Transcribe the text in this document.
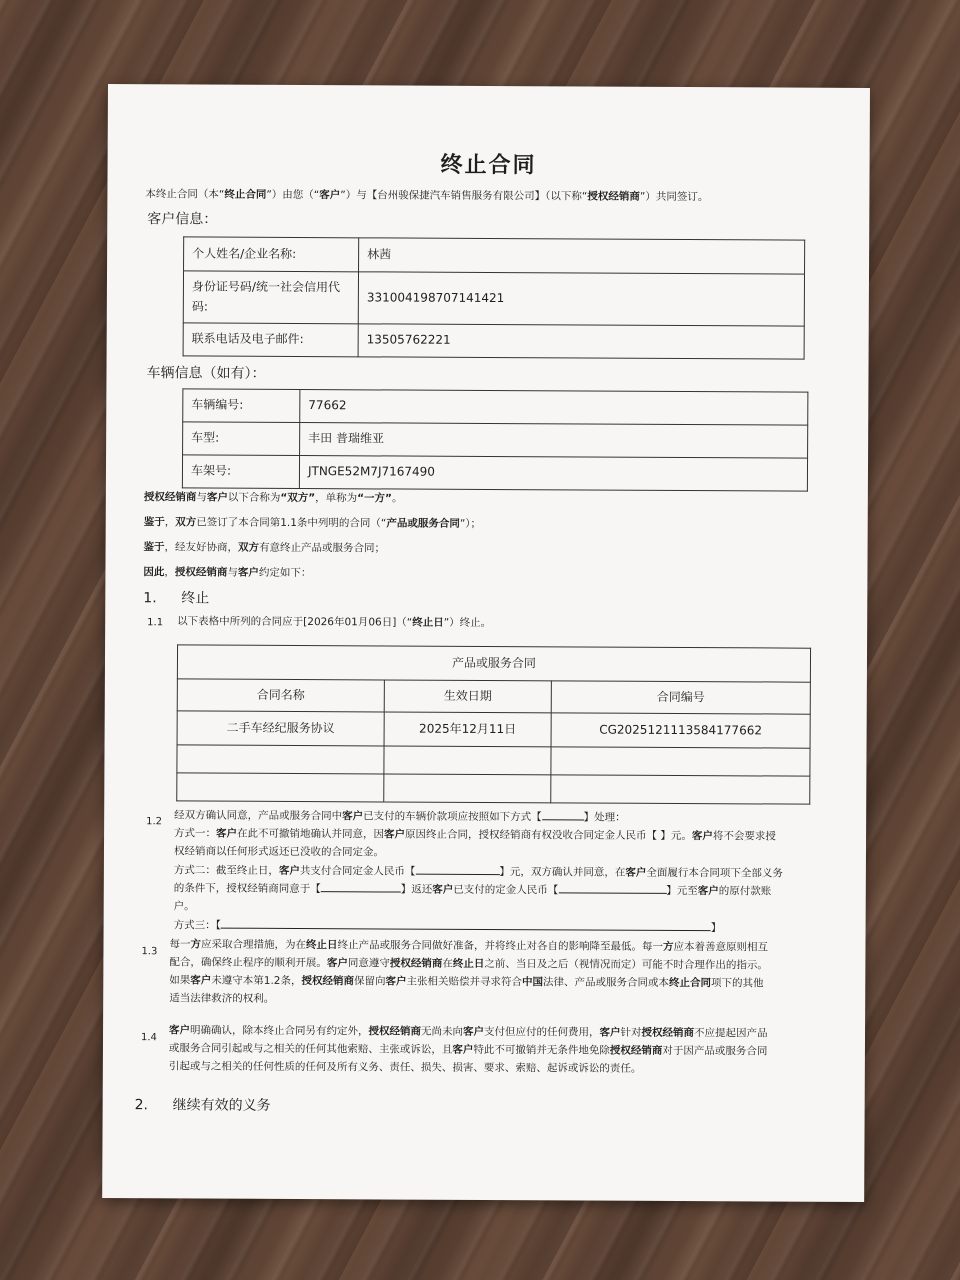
终止合同
本终止合同（本“终止合同”）由您（“客户”）与【台州骏保捷汽车销售服务有限公司】（以下称“授权经销商”）共同签订。
客户信息：
个人姓名/企业名称:	林茜
身份证号码/统一社会信用代码:	331004198707141421
联系电话及电子邮件:	13505762221
车辆信息（如有）：
车辆编号:	77662
车型:	丰田 普瑞维亚
车架号:	JTNGE52M7J7167490
授权经销商与客户以下合称为“双方”，单称为“一方”。
鉴于，双方已签订了本合同第1.1条中列明的合同（“产品或服务合同”）；
鉴于，经友好协商，双方有意终止产品或服务合同；
因此，授权经销商与客户约定如下：
1. 终止
1.1 以下表格中所列的合同应于[2026年01月06日]（“终止日”）终止。
产品或服务合同		
合同名称	生效日期	合同编号
二手车经纪服务协议	2025年12月11日	CG20251211135841776​62

1.2 经双方确认同意，产品或服务合同中客户已支付的车辆价款项应按照如下方式【	】处理：
方式一：客户在此不可撤销地确认并同意，因客户原因终止合同，授权经销商有权没收合同定金人民币【 】元。客户将不会要求授
权经销商以任何形式返还已没收的合同定金。
方式二：截至终止日，客户共支付合同定金人民币【	】元，双方确认并同意，在客户全面履行本合同项下全部义务
的条件下，授权经销商同意于【	】返还客户已支付的定金人民币【	】元至客户的原付款账
户。
方式三：【	】
1.3
每一方应采取合理措施，为在终止日终止产品或服务合同做好准备，并将终止对各自的影响降至最低。每一方应本着善意原则相互
配合，确保终止程序的顺利开展。客户同意遵守授权经销商在终止日之前、当日及之后（视情况而定）可能不时合理作出的指示。
如果客户未遵守本第1.2条，授权经销商保留向客户主张相关赔偿并寻求符合中国法律、产品或服务合同或本终止合同项下的其他
适当法律救济的权利。
1.4
客户明确确认，除本终止合同另有约定外，授权经销商无尚未向客户支付但应付的任何费用，客户针对授权经销商不应提起因产品
或服务合同引起或与之相关的任何其他索赔、主张或诉讼，且客户特此不可撤销并无条件地免除授权经销商对于因产品或服务合同
引起或与之相关的任何性质的任何及所有义务、责任、损失、损害、要求、索赔、起诉或诉讼的责任。
2. 继续有效的义务
